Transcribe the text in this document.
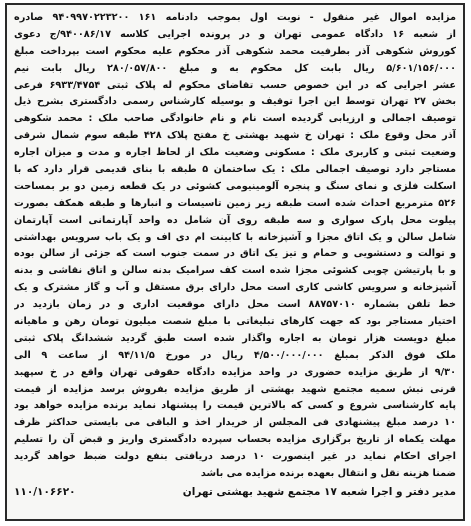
مزایده اموال غیر منقول - نوبت اول بموجب دادنامه ۱۶۱ ۹۴۰۹۹۷۰۲۲۳۲۰۰ صادره
از شعبه ۱۶ دادگاه عمومی تهران و در پرونده اجرایی کلاسه ۹۴۰۰۸۶/۱۷/ج دعوی
کوروش شکوهی آذر بطرفیت محمد شکوهی آذر محکوم علیه محکوم است بپرداخت مبلغ
۵/۶۰۱/۱۵۶/۰۰۰ ریال بابت کل محکوم به و مبلغ ۲۸۰/۰۵۷/۸۰۰ ریال بابت نیم
عشر اجرایی که در این خصوص حسب تقاضای محکوم له پلاک ثبتی ۶۹۳۳/۴۷۵۴ فرعی
بخش ۲۷ تهران توسط این اجرا توقیف و بوسیله کارشناس رسمی دادگستری بشرح ذیل
توصیف اجمالی و ارزیابی گردیده است نام و نام خانوادگی صاحب ملک : محمد شکوهی
آذر محل وقوع ملک : تهران خ شهید بهشتی خ مفتح پلاک ۴۲۸ طبقه سوم شمال شرقی
وضعیت ثبتی و کاربری ملک : مسکونی وضعیت ملک از لحاظ اجاره و مدت و میزان اجاره
مستاجر دارد توصیف اجمالی ملک : یک ساختمان ۵ طبقه با بنای قدیمی قرار دارد که با
اسکلت فلزی و نمای سنگ و پنجره آلومینیومی کشوئی در یک قطعه زمین دو بر بمساحت
۵۲۶ مترمربع احداث شده است طبقه زیر زمین تاسیسات و انبارها و طبقه همکف بصورت
پیلوت محل پارک سواری و سه طبقه روی آن شامل ده واحد آپارتمانی است آپارتمان
شامل سالن و یک اتاق مجزا و آشپزخانه با کابینت ام دی اف و یک باب سرویس بهداشتی
و توالت و دستشویی و حمام و تیز یک اتاق در سمت جنوب است که جزئی از سالن بوده
و با پارتیشن چوبی کشوئی مجزا شده است کف سرامیک بدنه سالن و اتاق نقاشی و بدنه
آشپزخانه و سرویس کاشی کاری است محل دارای برق مستقل و آب و گاز مشترک و یک
خط تلفن بشماره ۸۸۷۵۷۰۱۰ است محل دارای موقعیت اداری و در زمان بازدید در
اختیار مستاجر بود که جهت کارهای تبلیغاتی با مبلغ شصت میلیون تومان رهن و ماهیانه
مبلغ دویست هزار تومان به اجاره واگذار شده است طبق گردید ششدانگ پلاک ثبتی
ملک فوق الذکر بمبلغ ۴/۵۰۰/۰۰۰/۰۰۰ ریال در مورخ ۹۴/۱۱/۵ از ساعت ۹ الی
۹/۳۰ از طریق مزایده حضوری در واحد مزایده دادگاه حقوقی تهران واقع در خ سپهبد
قرنی نبش سمیه مجتمع شهید بهشتی از طریق مزایده بفروش برسد مزایده از قیمت
پایه کارشناسی شروع و کسی که بالاترین قیمت را پیشنهاد نماید برنده مزایده خواهد بود
۱۰ درصد مبلغ پیشنهادی فی المجلس از خریدار اخذ و الباقی می بایستی حداکثر ظرف
مهلت یکماه از تاریخ برگزاری مزایده بحساب سپرده دادگستری واریز و قبض آن را تسلیم
اجرای احکام نماید در غیر اینصورت ۱۰ درصد دریافتی بنفع دولت ضبط خواهد گردید
ضمنا هزینه نقل و انتقال بعهده برنده مزایده می باشد
مدیر دفتر و اجرا شعبه ۱۷ مجتمع شهید بهشتی تهران
۱۱۰/۱۰۶۶۲۰
